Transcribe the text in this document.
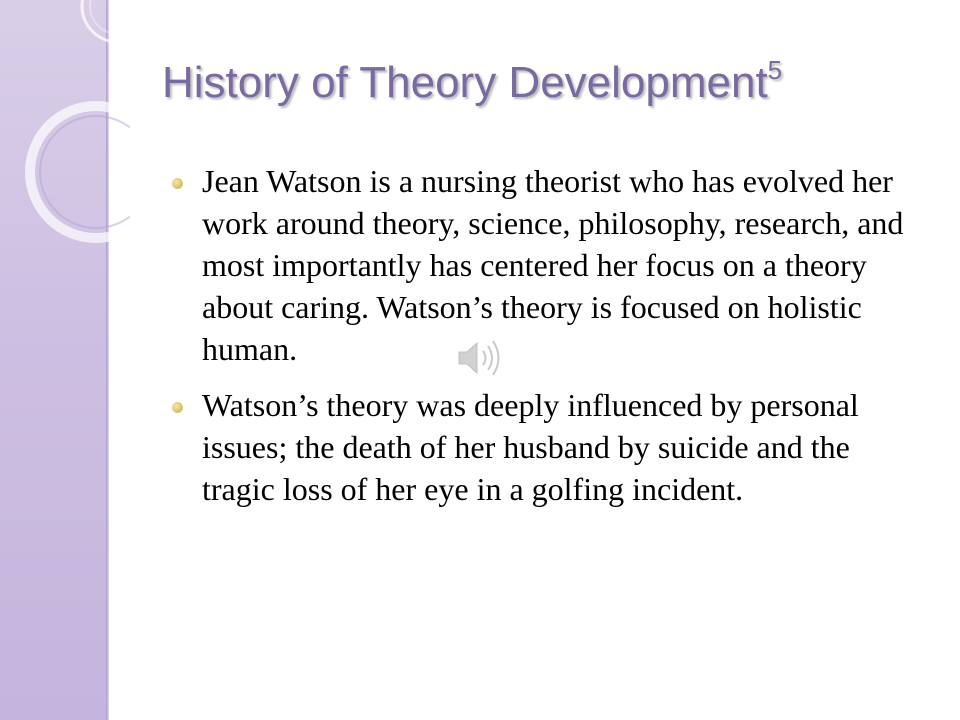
History of Theory Development$^5$
Jean Watson is a nursing theorist who has evolved her work around theory, science, philosophy, research, and most importantly has centered her focus on a theory about caring. Watson’s theory is focused on holistic human.
Watson’s theory was deeply influenced by personal issues; the death of her husband by suicide and the tragic loss of her eye in a golfing incident.
